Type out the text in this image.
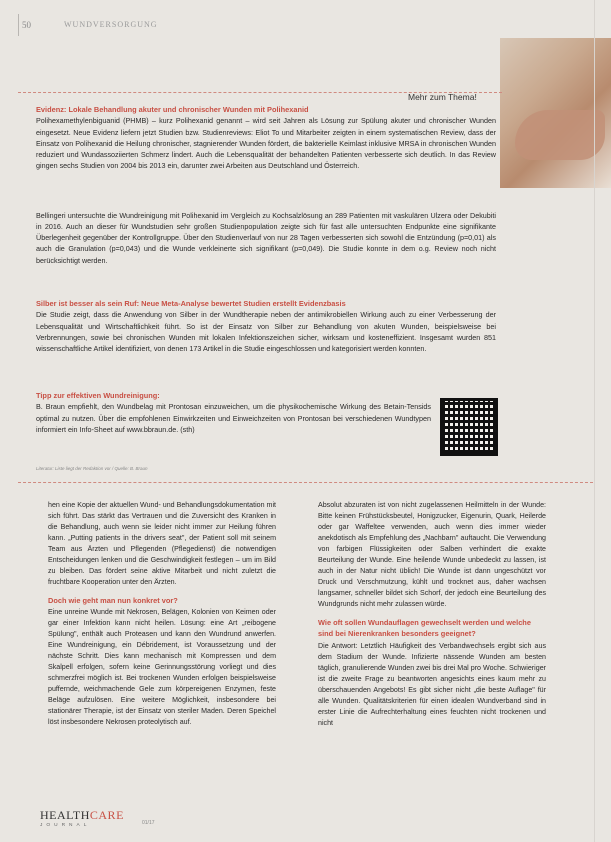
50	WUNDVERSORGUNG
Mehr zum Thema!
Evidenz: Lokale Behandlung akuter und chronischer Wunden mit Polihexanid

Polihexamethylenbiguanid (PHMB) – kurz Polihexanid genannt – wird seit Jahren als Lösung zur Spülung akuter und chronischer Wunden eingesetzt. Neue Evidenz liefern jetzt Studien bzw. Studienreviews: Eliot To und Mitarbeiter zeigten in einem systematischen Review, dass der Einsatz von Polihexanid die Heilung chronischer, stagnierender Wunden fördert, die bakterielle Keimlast inklusive MRSA in chronischen Wunden reduziert und Wundassoziierten Schmerz lindert. Auch die Lebensqualität der behandelten Patienten verbesserte sich deutlich. In das Review gingen sechs Studien von 2004 bis 2013 ein, darunter zwei Arbeiten aus Deutschland und Österreich.

Bellingeri untersuchte die Wundreinigung mit Polihexanid im Vergleich zu Kochsalzlösung an 289 Patienten mit vaskulären Ulzera oder Dekubiti in 2016. Auch an dieser für Wundstudien sehr großen Studienpopulation zeigte sich für fast alle untersuchten Endpunkte eine signifikante Überlegenheit gegenüber der Kontrollgruppe. Über den Studienverlauf von nur 28 Tagen verbesserten sich sowohl die Entzündung (p=0,01) als auch die Granulation (p=0,043) und die Wunde verkleinerte sich signifikant (p=0,049). Die Studie konnte in dem o.g. Review noch nicht berücksichtigt werden.

Silber ist besser als sein Ruf: Neue Meta-Analyse bewertet Studien erstellt Evidenzbasis

Die Studie zeigt, dass die Anwendung von Silber in der Wundtherapie neben der antimikrobiellen Wirkung auch zu einer Verbesserung der Lebensqualität und Wirtschaftlichkeit führt. So ist der Einsatz von Silber zur Behandlung von akuten Wunden, beispielsweise bei Verbrennungen, sowie bei chronischen Wunden mit lokalen Infektionszeichen sicher, wirksam und kosteneffizient. Insgesamt wurden 851 wissenschaftliche Artikel identifiziert, von denen 173 Artikel in die Studie eingeschlossen und kategorisiert werden konnten.

Tipp zur effektiven Wundreinigung:

B. Braun empfiehlt, den Wundbelag mit Prontosan einzuweichen, um die physikochemische Wirkung des Betain-Tensids optimal zu nutzen. Über die empfohlenen Einwirkzeiten und Einweichzeiten von Prontosan bei verschiedenen Wundtypen informiert ein Info-Sheet auf www.bbraun.de. (sth)

Literatur: Liste liegt der Redaktion vor / Quelle: B. Braun

hen eine Kopie der aktuellen Wund- und Behandlungsdokumentation mit sich führt. Das stärkt das Vertrauen und die Zuversicht des Kranken in die Behandlung, auch wenn sie leider nicht immer zur Heilung führen kann. „Putting patients in the drivers seat", der Patient soll mit seinem Team aus Ärzten und Pflegenden (Pflegedienst) die notwendigen Entscheidungen lenken und die Geschwindigkeit festlegen – um im Bild zu bleiben. Das fördert seine aktive Mitarbeit und nicht zuletzt die fruchtbare Kooperation unter den Ärzten.

Doch wie geht man nun konkret vor?

Eine unreine Wunde mit Nekrosen, Belägen, Kolonien von Keimen oder gar einer Infektion kann nicht heilen. Lösung: eine Art „reibogene Spülung", enthält auch Proteasen und kann den Wundrund anwerfen. Eine Wundreinigung, ein Débridement, ist Voraussetzung und der nächste Schritt. Dies kann mechanisch mit Kompressen und dem Skalpell erfolgen, sofern keine Gerinnungsstörung vorliegt und dies schmerzfrei möglich ist. Bei trockenen Wunden erfolgen beispielsweise puffernde, weichmachende Gele zum körpereigenen Enzymen, feste Beläge aufzulösen. Eine weitere Möglichkeit, insbesondere bei stationärer Therapie, ist der Einsatz von steriler Maden. Deren Speichel löst insbesondere Nekrosen proteolytisch auf.

Absolut abzuraten ist von nicht zugelassenen Heilmitteln in der Wunde: Bitte keinen Frühstücksbeutel, Honigzucker, Eigenurin, Quark, Heilerde oder gar Waffeltee verwenden, auch wenn dies immer wieder anekdotisch als Empfehlung des „Nachbarn" auftaucht. Die Verwendung von farbigen Flüssigkeiten oder Salben verhindert die exakte Beurteilung der Wunde. Eine heilende Wunde unbedeckt zu lassen, ist auch in der Natur nicht üblich! Die Wunde ist dann ungeschützt vor Druck und Verschmutzung, kühlt und trocknet aus, daher wachsen langsamer, schneller bildet sich Schorf, der jedoch eine Beurteilung des Wundgrunds nicht mehr zulassen würde.

Wie oft sollen Wundauflagen gewechselt werden und welche sind bei Nierenkranken besonders geeignet?

Die Antwort: Letztlich Häufigkeit des Verbandwechsels ergibt sich aus dem Stadium der Wunde. Infizierte nässende Wunden am besten täglich, granulierende Wunden zwei bis drei Mal pro Woche. Schwieriger ist die zweite Frage zu beantworten angesichts eines kaum mehr zu überschauenden Angebots! Es gibt sicher nicht „die beste Auflage" für alle Wunden. Qualitätskriterien für einen idealen Wundverband sind in erster Linie die Aufrechterhaltung eines feuchten nicht trockenen und nicht

HEALTHCARE
JOURNAL	01/17
